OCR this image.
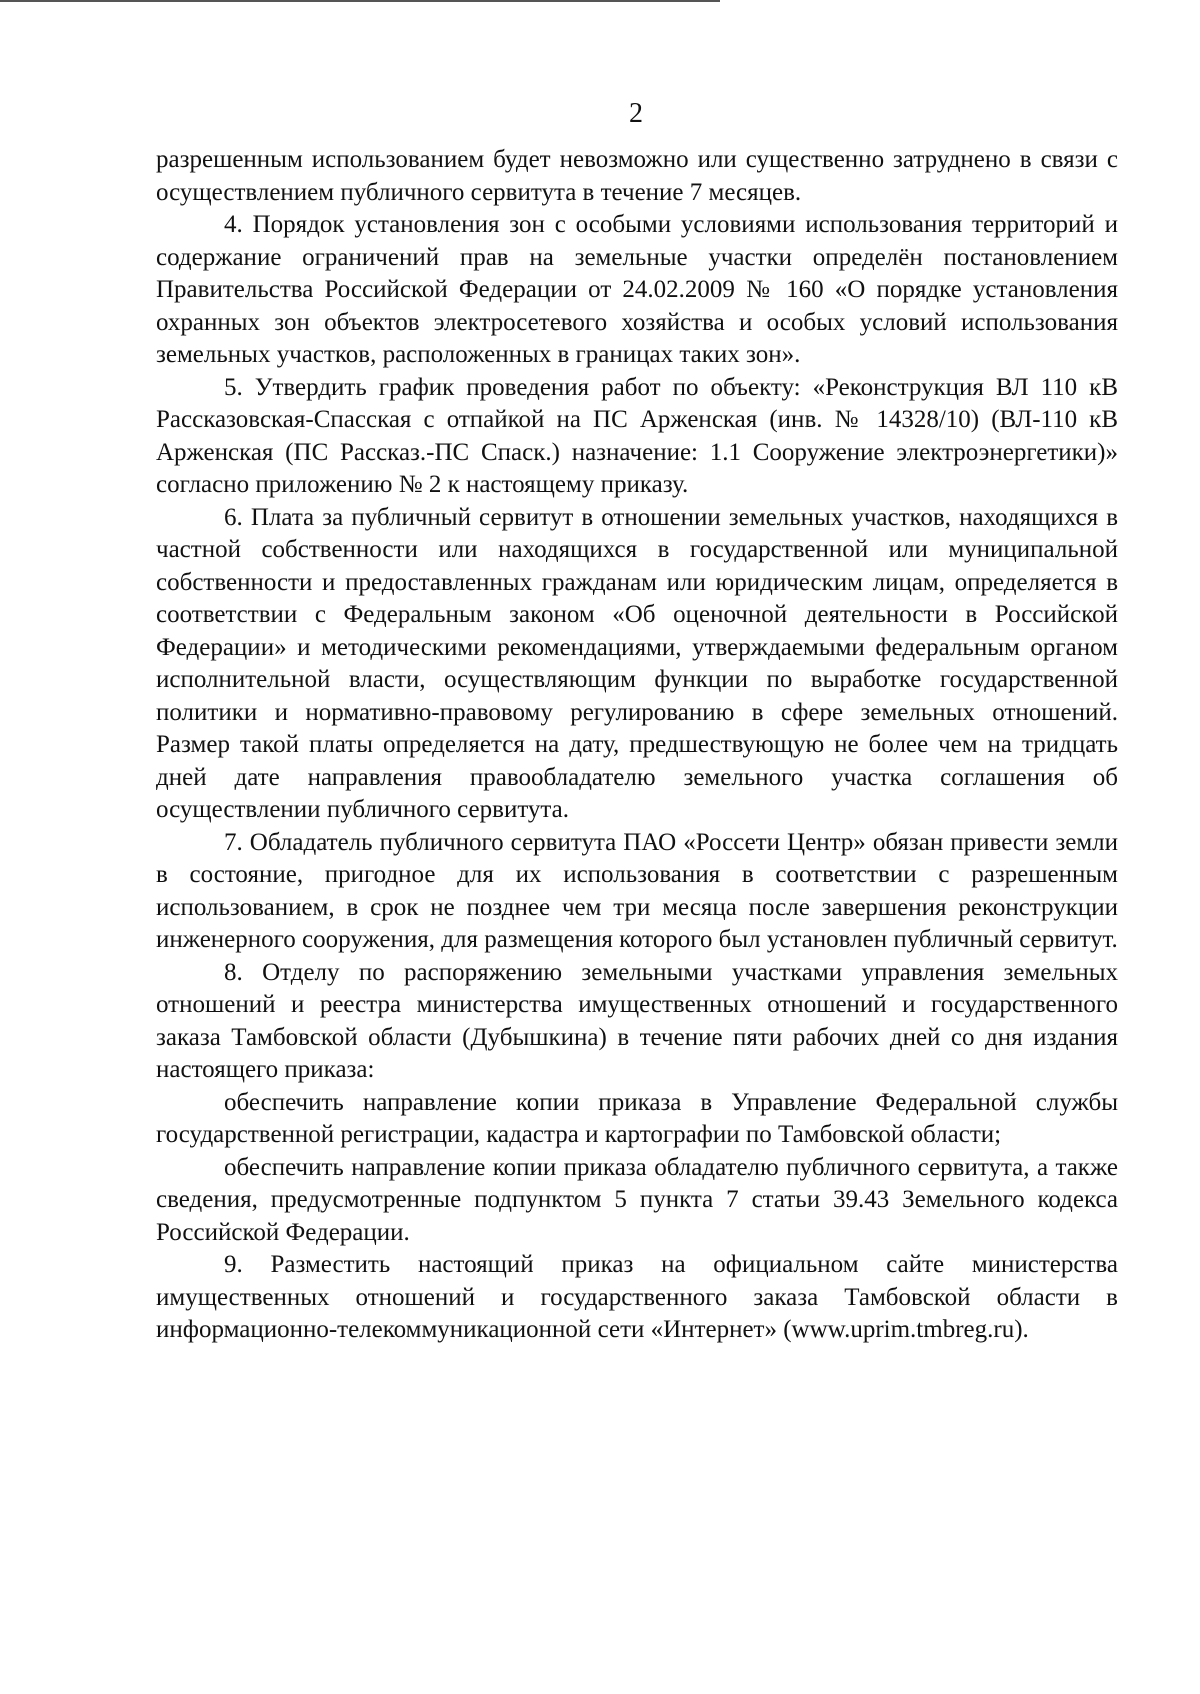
2

разрешенным использованием будет невозможно или существенно затруднено в связи с осуществлением публичного сервитута в течение 7 месяцев.

4. Порядок установления зон с особыми условиями использования территорий и содержание ограничений прав на земельные участки определён постановлением Правительства Российской Федерации от 24.02.2009 № 160 «О порядке установления охранных зон объектов электросетевого хозяйства и особых условий использования земельных участков, расположенных в границах таких зон».

5. Утвердить график проведения работ по объекту: «Реконструкция ВЛ 110 кВ Рассказовская-Спасская с отпайкой на ПС Арженская (инв. № 14328/10) (ВЛ-110 кВ Арженская (ПС Рассказ.-ПС Спаск.) назначение: 1.1 Сооружение электроэнергетики)» согласно приложению № 2 к настоящему приказу.

6. Плата за публичный сервитут в отношении земельных участков, находящихся в частной собственности или находящихся в государственной или муниципальной собственности и предоставленных гражданам или юридическим лицам, определяется в соответствии с Федеральным законом «Об оценочной деятельности в Российской Федерации» и методическими рекомендациями, утверждаемыми федеральным органом исполнительной власти, осуществляющим функции по выработке государственной политики и нормативно-правовому регулированию в сфере земельных отношений. Размер такой платы определяется на дату, предшествующую не более чем на тридцать дней дате направления правообладателю земельного участка соглашения об осуществлении публичного сервитута.

7. Обладатель публичного сервитута ПАО «Россети Центр» обязан привести земли в состояние, пригодное для их использования в соответствии с разрешенным использованием, в срок не позднее чем три месяца после завершения реконструкции инженерного сооружения, для размещения которого был установлен публичный сервитут.

8. Отделу по распоряжению земельными участками управления земельных отношений и реестра министерства имущественных отношений и государственного заказа Тамбовской области (Дубышкина) в течение пяти рабочих дней со дня издания настоящего приказа:

обеспечить направление копии приказа в Управление Федеральной службы государственной регистрации, кадастра и картографии по Тамбовской области;

обеспечить направление копии приказа обладателю публичного сервитута, а также сведения, предусмотренные подпунктом 5 пункта 7 статьи 39.43 Земельного кодекса Российской Федерации.

9. Разместить настоящий приказ на официальном сайте министерства имущественных отношений и государственного заказа Тамбовской области в информационно-телекоммуникационной сети «Интернет» (www.uprim.tmbreg.ru).
